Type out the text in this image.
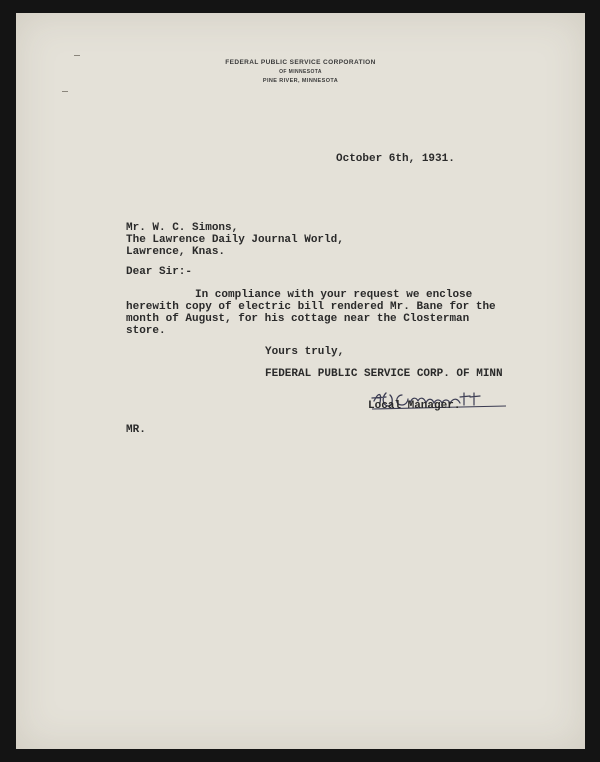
FEDERAL PUBLIC SERVICE CORPORATION
OF MINNESOTA
PINE RIVER, MINNESOTA
October 6th, 1931.
Mr. W. C. Simons,
The Lawrence Daily Journal World,
Lawrence, Knas.
Dear Sir:-
In compliance with your request we enclose
herewith copy of electric bill rendered Mr. Bane for the
month of August, for his cottage near the Closterman
store.
Yours truly,
FEDERAL PUBLIC SERVICE CORP. OF MINN
Local Manager.
MR.
